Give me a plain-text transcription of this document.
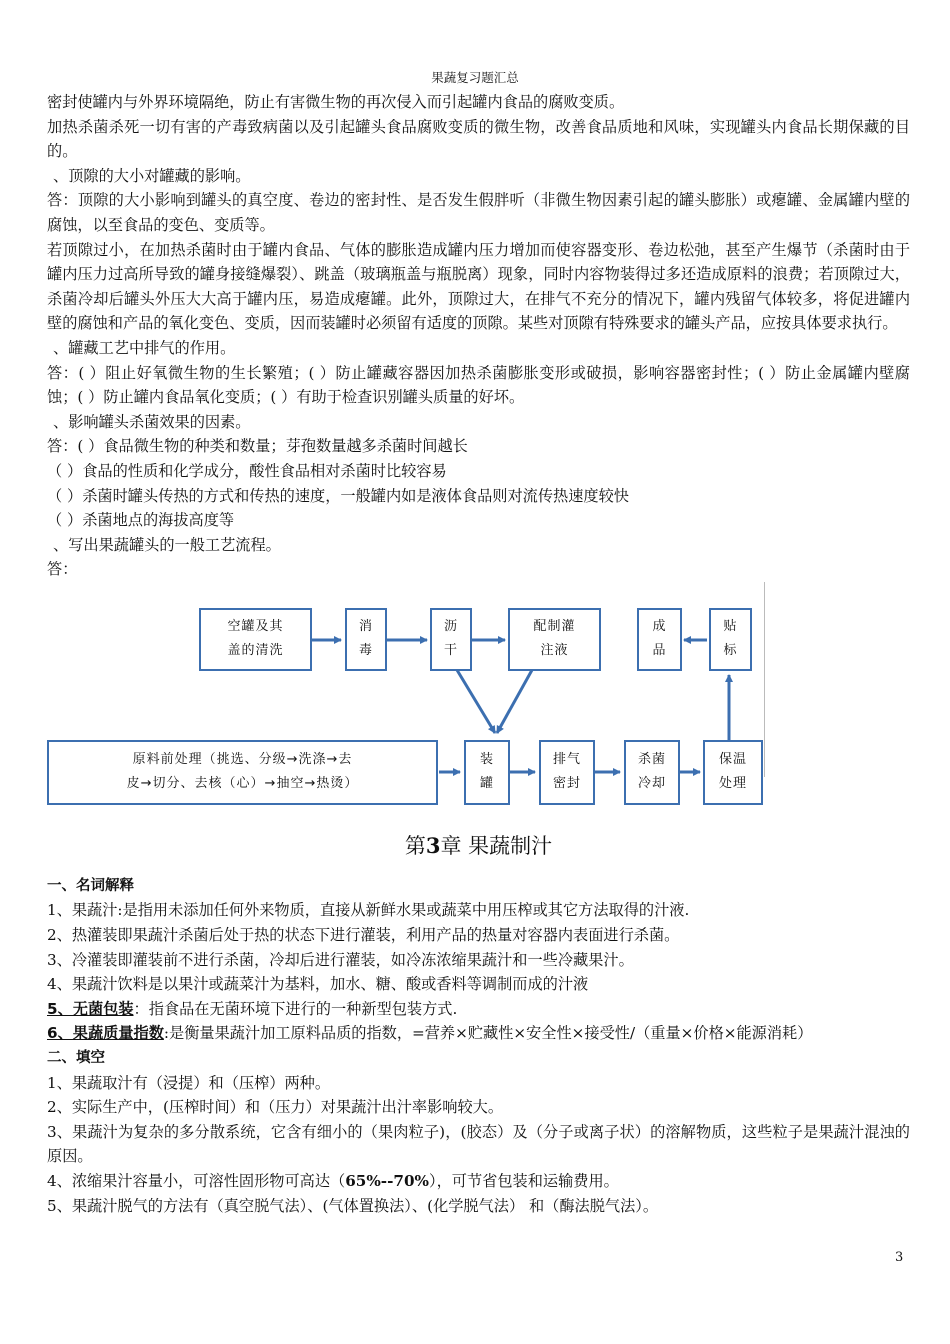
果蔬复习题汇总

密封使罐内与外界环境隔绝，防止有害微生物的再次侵入而引起罐内食品的腐败变质。

加热杀菌杀死一切有害的产毒致病菌以及引起罐头食品腐败变质的微生物，改善食品质地和风味，实现罐头内食品长期保藏的目的。

、顶隙的大小对罐藏的影响。

答：顶隙的大小影响到罐头的真空度、卷边的密封性、是否发生假胖听（非微生物因素引起的罐头膨胀）或瘪罐、金属罐内壁的腐蚀，以至食品的变色、变质等。

若顶隙过小，在加热杀菌时由于罐内食品、气体的膨胀造成罐内压力增加而使容器变形、卷边松弛，甚至产生爆节（杀菌时由于罐内压力过高所导致的罐身接缝爆裂）、跳盖（玻璃瓶盖与瓶脱离）现象，同时内容物装得过多还造成原料的浪费；若顶隙过大，杀菌冷却后罐头外压大大高于罐内压，易造成瘪罐。此外，顶隙过大，在排气不充分的情况下，罐内残留气体较多，将促进罐内壁的腐蚀和产品的氧化变色、变质，因而装罐时必须留有适度的顶隙。某些对顶隙有特殊要求的罐头产品，应按具体要求执行。

、罐藏工艺中排气的作用。

答：( ）阻止好氧微生物的生长繁殖；( ）防止罐藏容器因加热杀菌膨胀变形或破损，影响容器密封性；( ）防止金属罐内壁腐蚀；( ）防止罐内食品氧化变质；( ）有助于检查识别罐头质量的好坏。

、影响罐头杀菌效果的因素。

答：( ）食品微生物的种类和数量；芽孢数量越多杀菌时间越长

（ ）食品的性质和化学成分，酸性食品相对杀菌时比较容易

（ ）杀菌时罐头传热的方式和传热的速度，一般罐内如是液体食品则对流传热速度较快

（ ）杀菌地点的海拔高度等

、写出果蔬罐头的一般工艺流程。

答：

空罐及其
盖的清洗
消
毒
沥
干
配制灌
注液
成
品
贴
标
原料前处理（挑选、分级→洗涤→去
皮→切分、去核（心）→抽空→热烫）
装
罐
排气
密封
杀菌
冷却
保温
处理
第3章 果蔬制汁

一、名词解释

1、果蔬汁:是指用未添加任何外来物质，直接从新鲜水果或蔬菜中用压榨或其它方法取得的汁液.

2、热灌装即果蔬汁杀菌后处于热的状态下进行灌装，利用产品的热量对容器内表面进行杀菌。

3、冷灌装即灌装前不进行杀菌，冷却后进行灌装，如冷冻浓缩果蔬汁和一些冷藏果汁。

4、果蔬汁饮料是以果汁或蔬菜汁为基料，加水、糖、酸或香料等调制而成的汁液

5、无菌包装：指食品在无菌环境下进行的一种新型包装方式.

6、果蔬质量指数:是衡量果蔬汁加工原料品质的指数，=营养×贮藏性×安全性×接受性/（重量×价格×能源消耗）

二、填空

1、果蔬取汁有（浸提）和（压榨）两种。

2、实际生产中，(压榨时间）和（压力）对果蔬汁出汁率影响较大。

3、果蔬汁为复杂的多分散系统，它含有细小的（果肉粒子)，(胶态）及（分子或离子状）的溶解物质，这些粒子是果蔬汁混浊的原因。

4、浓缩果汁容量小，可溶性固形物可高达（65%--70%），可节省包装和运输费用。

5、果蔬汁脱气的方法有（真空脱气法）、(气体置换法）、(化学脱气法） 和（酶法脱气法）。

3
